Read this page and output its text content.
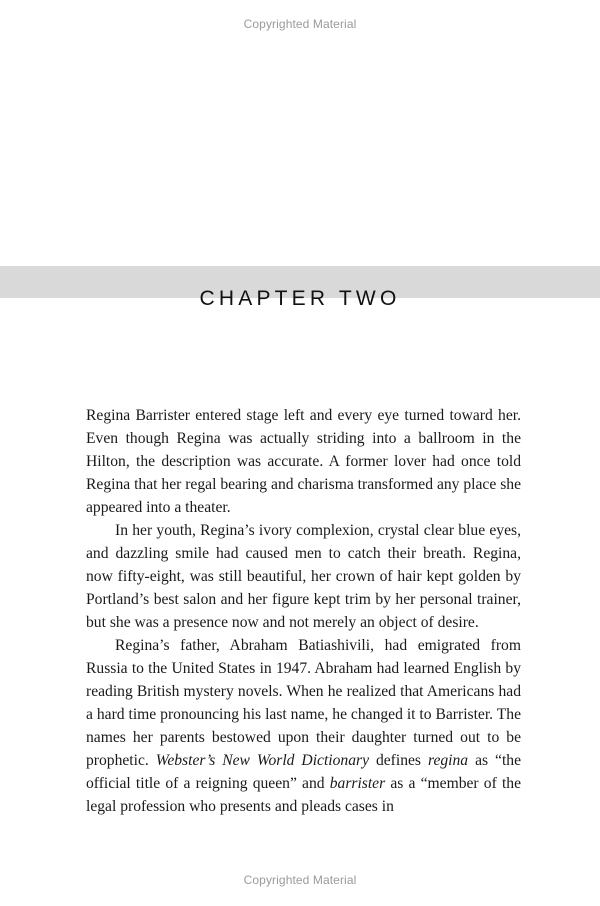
Copyrighted Material
CHAPTER TWO

Regina Barrister entered stage left and every eye turned toward her. Even though Regina was actually striding into a ballroom in the Hilton, the description was accurate. A former lover had once told Regina that her regal bearing and charisma transformed any place she appeared into a theater.

In her youth, Regina’s ivory complexion, crystal clear blue eyes, and dazzling smile had caused men to catch their breath. Regina, now fifty-eight, was still beautiful, her crown of hair kept golden by Portland’s best salon and her figure kept trim by her personal trainer, but she was a presence now and not merely an object of desire.

Regina’s father, Abraham Batiashivili, had emigrated from Russia to the United States in 1947. Abraham had learned English by reading British mystery novels. When he realized that Americans had a hard time pronouncing his last name, he changed it to Barrister. The names her parents bestowed upon their daughter turned out to be prophetic. Webster’s New World Dictionary defines regina as “the official title of a reigning queen” and barrister as a “member of the legal profession who presents and pleads cases in

Copyrighted Material
